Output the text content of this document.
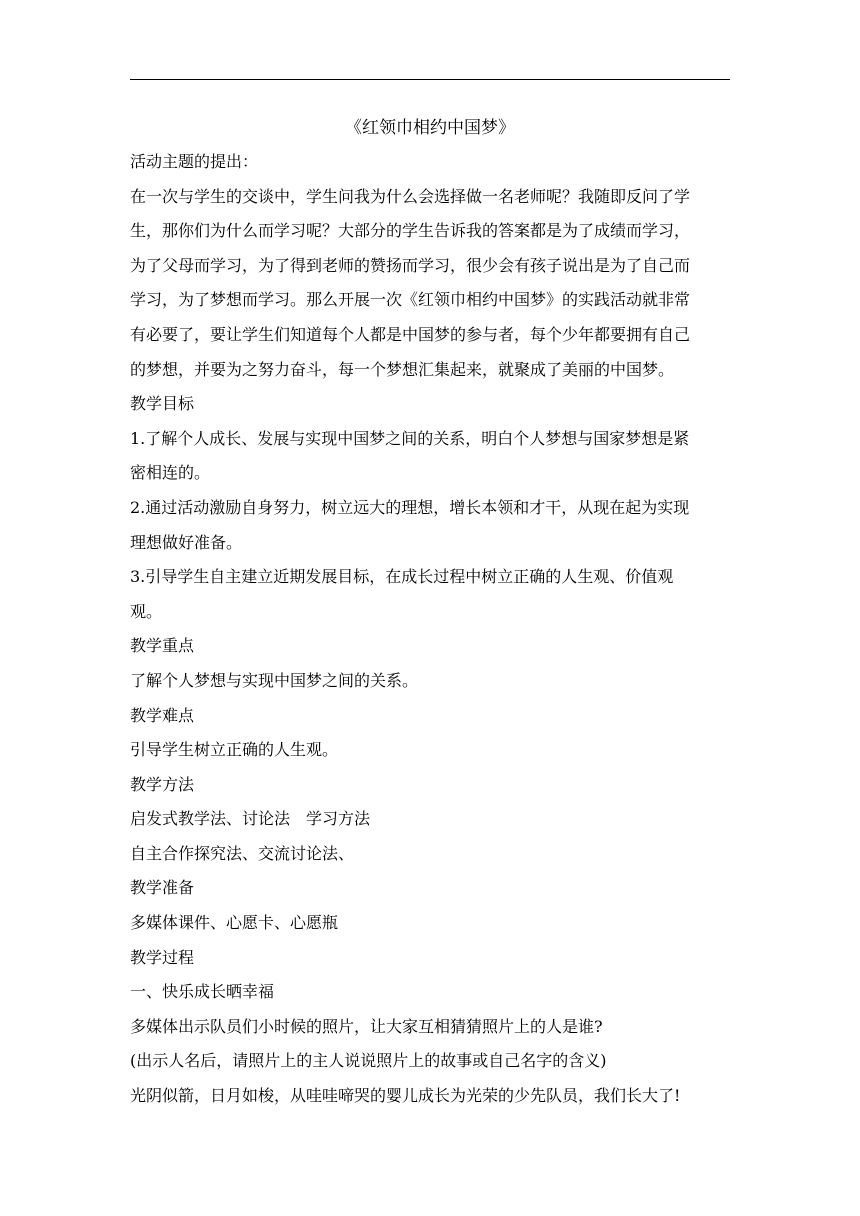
《红领巾相约中国梦》

活动主题的提出：

在一次与学生的交谈中，学生问我为什么会选择做一名老师呢？我随即反问了学

生，那你们为什么而学习呢？大部分的学生告诉我的答案都是为了成绩而学习，

为了父母而学习，为了得到老师的赞扬而学习，很少会有孩子说出是为了自己而

学习，为了梦想而学习。那么开展一次《红领巾相约中国梦》的实践活动就非常

有必要了，要让学生们知道每个人都是中国梦的参与者，每个少年都要拥有自己

的梦想，并要为之努力奋斗，每一个梦想汇集起来，就聚成了美丽的中国梦。

教学目标

1.了解个人成长、发展与实现中国梦之间的关系，明白个人梦想与国家梦想是紧

密相连的。

2.通过活动激励自身努力，树立远大的理想，增长本领和才干，从现在起为实现

理想做好准备。

3.引导学生自主建立近期发展目标，在成长过程中树立正确的人生观、价值观

观。

教学重点

了解个人梦想与实现中国梦之间的关系。

教学难点

引导学生树立正确的人生观。

教学方法

启发式教学法、讨论法　学习方法

自主合作探究法、交流讨论法、

教学准备

多媒体课件、心愿卡、心愿瓶

教学过程

一、快乐成长晒幸福

多媒体出示队员们小时候的照片，让大家互相猜猜照片上的人是谁?

(出示人名后，请照片上的主人说说照片上的故事或自己名字的含义)

光阴似箭，日月如梭，从哇哇啼哭的婴儿成长为光荣的少先队员，我们长大了!
